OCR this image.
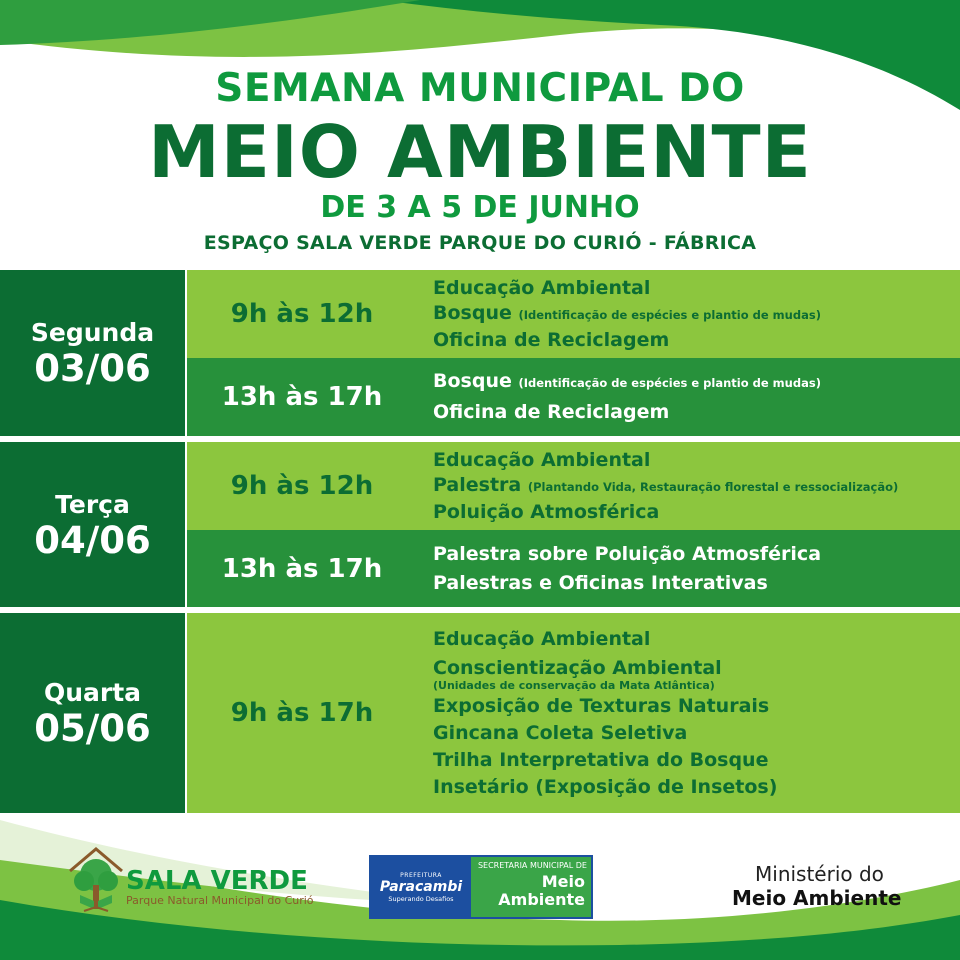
SEMANA MUNICIPAL DO
MEIO AMBIENTE
DE 3 A 5 DE JUNHO
ESPAÇO SALA VERDE PARQUE DO CURIÓ - FÁBRICA
Segunda
03/06
9h às 12h
Educação Ambiental
Bosque (Identificação de espécies e plantio de mudas)
Oficina de Reciclagem
13h às 17h
Bosque (Identificação de espécies e plantio de mudas)
Oficina de Reciclagem
Terça
04/06
9h às 12h
Educação Ambiental
Palestra (Plantando Vida, Restauração florestal e ressocialização)
Poluição Atmosférica
13h às 17h	Palestra sobre Poluição Atmosférica
Palestras e Oficinas Interativas
Quarta
05/06	9h às 17h
Educação Ambiental
Conscientização Ambiental
(Unidades de conservação da Mata Atlântica)
Exposição de Texturas Naturais
Gincana Coleta Seletiva
Trilha Interpretativa do Bosque
Insetário (Exposição de Insetos)
SALA VERDE
Parque Natural Municipal do Curió
PREFEITURA
Paracambi
Superando Desafios
SECRETARIA MUNICIPAL DE
Meio
Ambiente
Ministério do
Meio Ambiente
